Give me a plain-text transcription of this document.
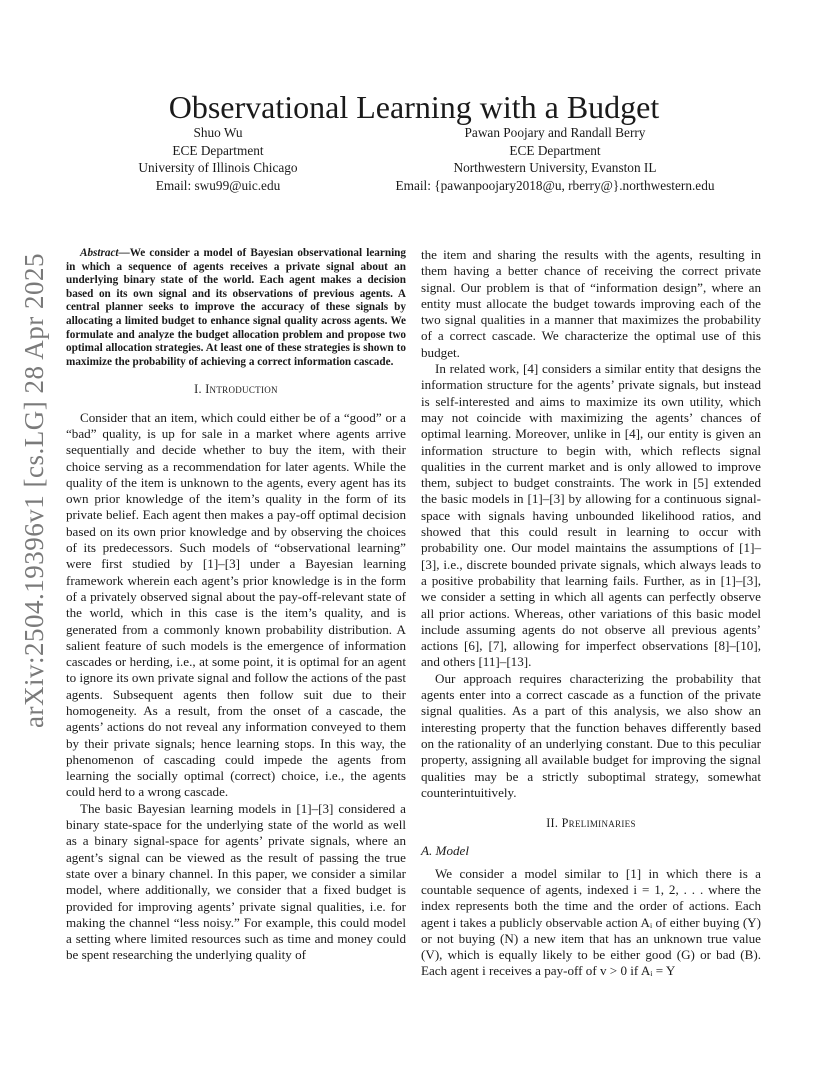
arXiv:2504.19396v1 [cs.LG] 28 Apr 2025
Observational Learning with a Budget
Shuo Wu
ECE Department
University of Illinois Chicago
Email: swu99@uic.edu
Pawan Poojary and Randall Berry
ECE Department
Northwestern University, Evanston IL
Email: {pawanpoojary2018@u, rberry@}.northwestern.edu

Abstract—We consider a model of Bayesian observational learning in which a sequence of agents receives a private signal about an underlying binary state of the world. Each agent makes a decision based on its own signal and its observations of previous agents. A central planner seeks to improve the accuracy of these signals by allocating a limited budget to enhance signal quality across agents. We formulate and analyze the budget allocation problem and propose two optimal allocation strategies. At least one of these strategies is shown to maximize the probability of achieving a correct information cascade.

I. Introduction

Consider that an item, which could either be of a “good” or a “bad” quality, is up for sale in a market where agents arrive sequentially and decide whether to buy the item, with their choice serving as a recommendation for later agents. While the quality of the item is unknown to the agents, every agent has its own prior knowledge of the item’s quality in the form of its private belief. Each agent then makes a pay-off optimal decision based on its own prior knowledge and by observing the choices of its predecessors. Such models of “observational learning” were first studied by [1]–[3] under a Bayesian learning framework wherein each agent’s prior knowledge is in the form of a privately observed signal about the pay-off-relevant state of the world, which in this case is the item’s quality, and is generated from a commonly known probability distribution. A salient feature of such models is the emergence of information cascades or herding, i.e., at some point, it is optimal for an agent to ignore its own private signal and follow the actions of the past agents. Subsequent agents then follow suit due to their homogeneity. As a result, from the onset of a cascade, the agents’ actions do not reveal any information conveyed to them by their private signals; hence learning stops. In this way, the phenomenon of cascading could impede the agents from learning the socially optimal (correct) choice, i.e., the agents could herd to a wrong cascade.

The basic Bayesian learning models in [1]–[3] considered a binary state-space for the underlying state of the world as well as a binary signal-space for agents’ private signals, where an agent’s signal can be viewed as the result of passing the true state over a binary channel. In this paper, we consider a similar model, where additionally, we consider that a fixed budget is provided for improving agents’ private signal qualities, i.e. for making the channel “less noisy.” For example, this could model a setting where limited resources such as time and money could be spent researching the underlying quality of

the item and sharing the results with the agents, resulting in them having a better chance of receiving the correct private signal. Our problem is that of “information design”, where an entity must allocate the budget towards improving each of the two signal qualities in a manner that maximizes the probability of a correct cascade. We characterize the optimal use of this budget.

In related work, [4] considers a similar entity that designs the information structure for the agents’ private signals, but instead is self-interested and aims to maximize its own utility, which may not coincide with maximizing the agents’ chances of optimal learning. Moreover, unlike in [4], our entity is given an information structure to begin with, which reflects signal qualities in the current market and is only allowed to improve them, subject to budget constraints. The work in [5] extended the basic models in [1]–[3] by allowing for a continuous signal-space with signals having unbounded likelihood ratios, and showed that this could result in learning to occur with probability one. Our model maintains the assumptions of [1]–[3], i.e., discrete bounded private signals, which always leads to a positive probability that learning fails. Further, as in [1]–[3], we consider a setting in which all agents can perfectly observe all prior actions. Whereas, other variations of this basic model include assuming agents do not observe all previous agents’ actions [6], [7], allowing for imperfect observations [8]–[10], and others [11]–[13].

Our approach requires characterizing the probability that agents enter into a correct cascade as a function of the private signal qualities. As a part of this analysis, we also show an interesting property that the function behaves differently based on the rationality of an underlying constant. Due to this peculiar property, assigning all available budget for improving the signal qualities may be a strictly suboptimal strategy, somewhat counterintuitively.

II. Preliminaries
A. Model

We consider a model similar to [1] in which there is a countable sequence of agents, indexed i = 1, 2, . . . where the index represents both the time and the order of actions. Each agent i takes a publicly observable action Aᵢ of either buying (Y) or not buying (N) a new item that has an unknown true value (V), which is equally likely to be either good (G) or bad (B). Each agent i receives a pay-off of v > 0 if Aᵢ = Y
